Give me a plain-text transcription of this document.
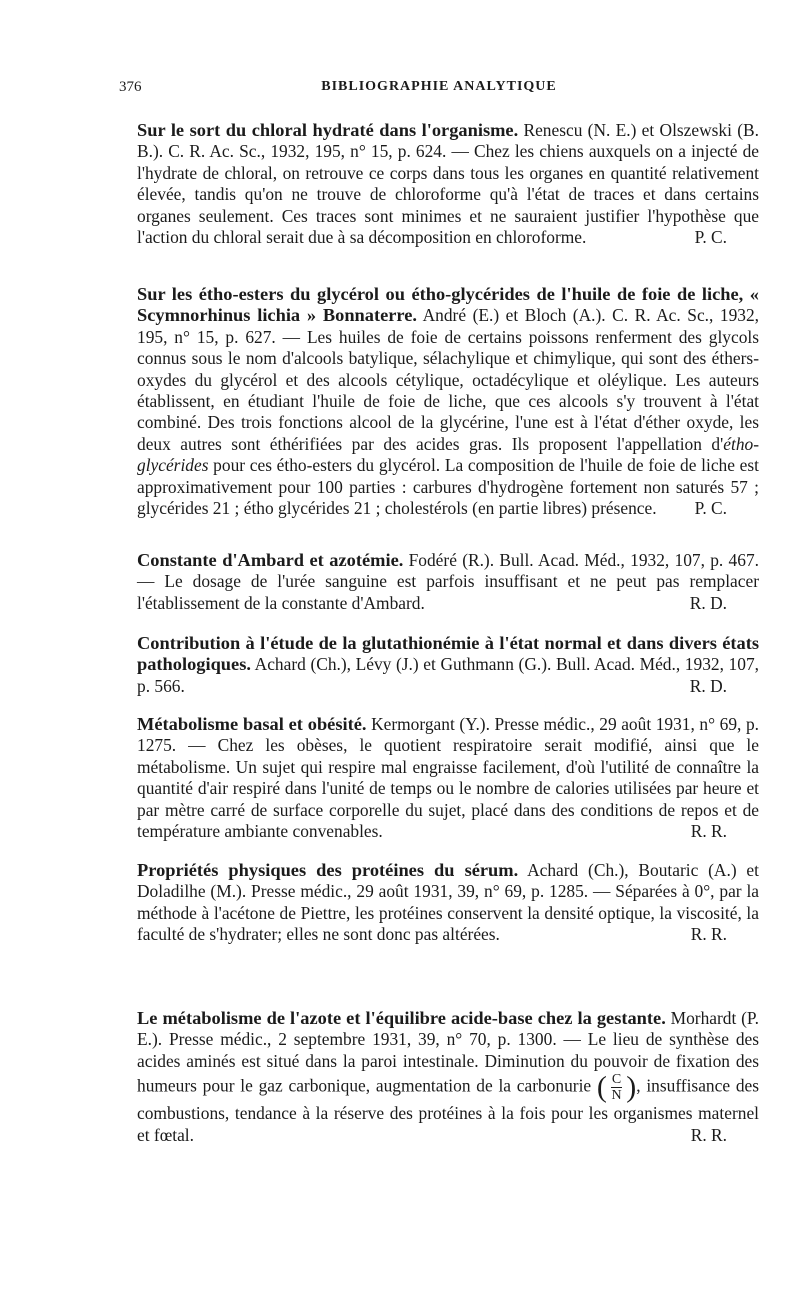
376	BIBLIOGRAPHIE ANALYTIQUE
Sur le sort du chloral hydraté dans l'organisme. Renescu (N. E.) et Olszewski (B. B.). C. R. Ac. Sc., 1932, 195, n° 15, p. 624. — Chez les chiens auxquels on a injecté de l'hydrate de chloral, on retrouve ce corps dans tous les organes en quantité relativement élevée, tandis qu'on ne trouve de chloroforme qu'à l'état de traces et dans certains organes seulement. Ces traces sont minimes et ne sauraient justifier l'hypothèse que l'action du chloral serait due à sa décomposition en chloroforme.	P. C.
Sur les étho-esters du glycérol ou étho-glycérides de l'huile de foie de liche, « Scymnorhinus lichia » Bonnaterre. André (E.) et Bloch (A.). C. R. Ac. Sc., 1932, 195, n° 15, p. 627. — Les huiles de foie de certains poissons renferment des glycols connus sous le nom d'alcools batylique, sélachylique et chimylique, qui sont des éthers-oxydes du glycérol et des alcools cétylique, octadécylique et oléylique. Les auteurs établissent, en étudiant l'huile de foie de liche, que ces alcools s'y trouvent à l'état combiné. Des trois fonctions alcool de la glycérine, l'une est à l'état d'éther oxyde, les deux autres sont éthérifiées par des acides gras. Ils proposent l'appellation d'étho-glycérides pour ces étho-esters du glycérol. La composition de l'huile de foie de liche est approximativement pour 100 parties : carbures d'hydrogène fortement non saturés 57 ; glycérides 21 ; étho glycérides 21 ; cholestérols (en partie libres) présence. P. C.
Constante d'Ambard et azotémie. Fodéré (R.). Bull. Acad. Méd., 1932, 107, p. 467. — Le dosage de l'urée sanguine est parfois insuffisant et ne peut pas remplacer l'établissement de la constante d'Ambard.	R. D.
Contribution à l'étude de la glutathionémie à l'état normal et dans divers états pathologiques. Achard (Ch.), Lévy (J.) et Guthmann (G.). Bull. Acad. Méd., 1932, 107, p. 566.	R. D.
Métabolisme basal et obésité. Kermorgant (Y.). Presse médic., 29 août 1931, n° 69, p. 1275. — Chez les obèses, le quotient respiratoire serait modifié, ainsi que le métabolisme. Un sujet qui respire mal engraisse facilement, d'où l'utilité de connaître la quantité d'air respiré dans l'unité de temps ou le nombre de calories utilisées par heure et par mètre carré de surface corporelle du sujet, placé dans des conditions de repos et de température ambiante convenables.	R. R.
Propriétés physiques des protéines du sérum. Achard (Ch.), Boutaric (A.) et Doladilhe (M.). Presse médic., 29 août 1931, 39, n° 69, p. 1285. — Séparées à 0°, par la méthode à l'acétone de Piettre, les protéines conservent la densité optique, la viscosité, la faculté de s'hydrater; elles ne sont donc pas altérées.	R. R.
Le métabolisme de l'azote et l'équilibre acide-base chez la gestante. Morhardt (P. E.). Presse médic., 2 septembre 1931, 39, n° 70, p. 1300. — Le lieu de synthèse des acides aminés est situé dans la paroi intestinale. Diminution du pouvoir de fixation des humeurs pour le gaz carbonique, augmentation de la carbonurie ( $\frac{C}{N}$ ), insuffisance des combustions, tendance à la réserve des protéines à la fois pour les organismes maternel et fœtal.	R. R.
